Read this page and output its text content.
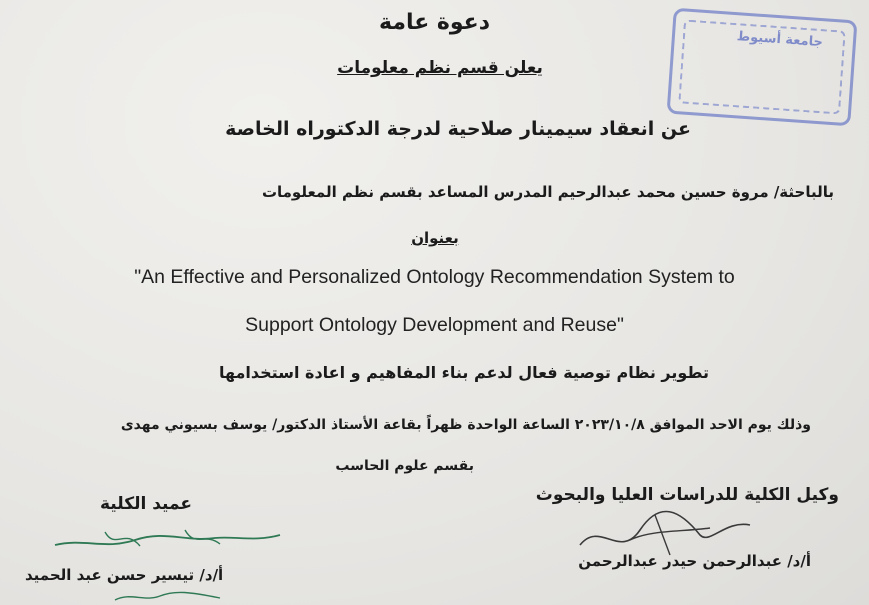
دعوة عامة
يعلن قسم نظم معلومات
جامعة أسيوط
عن انعقاد سيمينار صلاحية لدرجة الدكتوراه الخاصة
بالباحثة/ مروة حسين محمد عبدالرحيم المدرس المساعد بقسم نظم المعلومات
بعنوان
"An Effective and Personalized Ontology Recommendation System to
Support Ontology Development and Reuse"
تطوير نظام توصية فعال لدعم بناء المفاهيم و اعادة استخدامها
وذلك يوم الاحد الموافق ٢٠٢٣/١٠/٨ الساعة الواحدة ظهراً بقاعة الأستاذ الدكتور/ يوسف بسيوني مهدى
بقسم علوم الحاسب
وكيل الكلية للدراسات العليا والبحوث
عميد الكلية
أ/د/ عبدالرحمن حيدر عبدالرحمن
أ/د/ تيسير حسن عبد الحميد
